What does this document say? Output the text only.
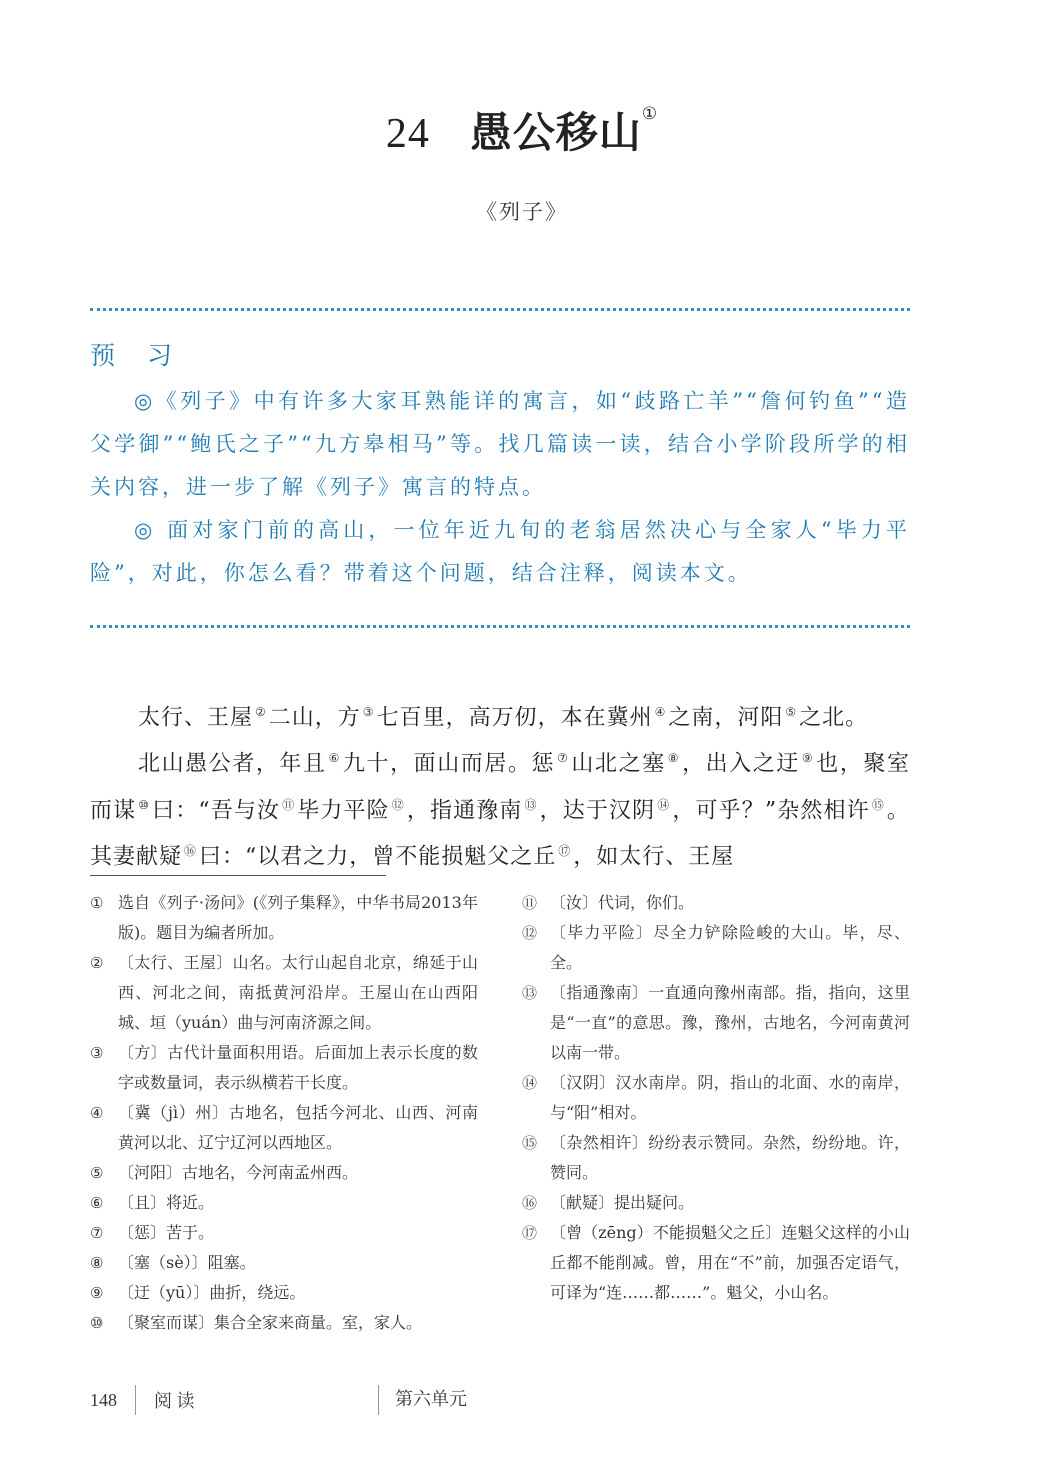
24 愚公移山①
《列子》
预 习

◎《列子》中有许多大家耳熟能详的寓言，如“歧路亡羊”“詹何钓鱼”“造父学御”“鲍氏之子”“九方皋相马”等。找几篇读一读，结合小学阶段所学的相关内容，进一步了解《列子》寓言的特点。

◎ 面对家门前的高山，一位年近九旬的老翁居然决心与全家人“毕力平险”，对此，你怎么看？带着这个问题，结合注释，阅读本文。

太行、王屋 ②二山，方 ③七百里，高万仞，本在冀州 ④之南，河阳 ⑤之北。

北山愚公者，年且 ⑥九十，面山而居。惩 ⑦山北之塞 ⑧，出入之迂 ⑨也，聚室而谋 ⑩曰：“吾与汝 ⑪毕力平险 ⑫，指通豫南 ⑬，达于汉阴 ⑭，可乎？”杂然相许 ⑮。其妻献疑 ⑯曰：“以君之力，曾不能损魁父之丘 ⑰，如太行、王屋

① 选自《列子·汤问》(《列子集释》，中华书局2013年版)。题目为编者所加。
② 〔太行、王屋〕山名。太行山起自北京，绵延于山西、河北之间，南抵黄河沿岸。王屋山在山西阳城、垣（yuán）曲与河南济源之间。
③ 〔方〕古代计量面积用语。后面加上表示长度的数字或数量词，表示纵横若干长度。
④ 〔冀（jì）州〕古地名，包括今河北、山西、河南黄河以北、辽宁辽河以西地区。
⑤ 〔河阳〕古地名，今河南孟州西。
⑥ 〔且〕将近。
⑦ 〔惩〕苦于。
⑧ 〔塞（sè）〕阻塞。
⑨ 〔迂（yū）〕曲折，绕远。
⑩ 〔聚室而谋〕集合全家来商量。室，家人。
⑪ 〔汝〕代词，你们。
⑫ 〔毕力平险〕尽全力铲除险峻的大山。毕，尽、全。
⑬ 〔指通豫南〕一直通向豫州南部。指，指向，这里是“一直”的意思。豫，豫州，古地名，今河南黄河以南一带。
⑭ 〔汉阴〕汉水南岸。阴，指山的北面、水的南岸，与“阳”相对。
⑮ 〔杂然相许〕纷纷表示赞同。杂然，纷纷地。许，赞同。
⑯ 〔献疑〕提出疑问。
⑰ 〔曾（zēng）不能损魁父之丘〕连魁父这样的小山丘都不能削减。曾，用在“不”前，加强否定语气，可译为“连……都……”。魁父，小山名。
148 阅 读	第六单元
